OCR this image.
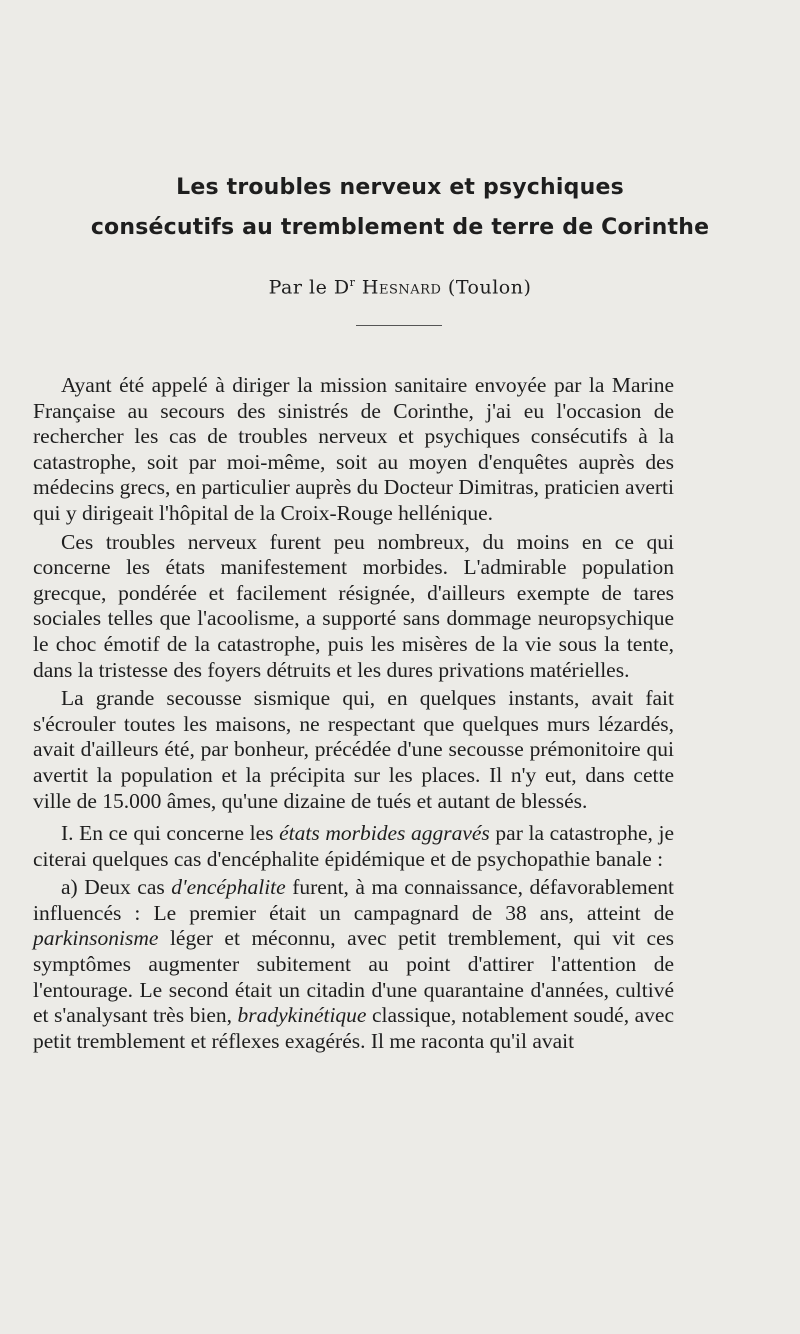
Les troubles nerveux et psychiques
consécutifs au tremblement de terre de Corinthe

Par le $D^r$ Hesnard (Toulon)

Ayant été appelé à diriger la mission sanitaire envoyée par la Marine Française au secours des sinistrés de Corinthe, j'ai eu l'occasion de rechercher les cas de troubles nerveux et psychiques consécutifs à la catastrophe, soit par moi-même, soit au moyen d'enquêtes auprès des médecins grecs, en particulier auprès du Docteur Dimitras, praticien averti qui y dirigeait l'hôpital de la Croix-Rouge hellénique.

Ces troubles nerveux furent peu nombreux, du moins en ce qui concerne les états manifestement morbides. L'admirable population grecque, pondérée et facilement résignée, d'ailleurs exempte de tares sociales telles que l'acoolisme, a supporté sans dommage neuropsychique le choc émotif de la catastrophe, puis les misères de la vie sous la tente, dans la tristesse des foyers détruits et les dures privations matérielles.

La grande secousse sismique qui, en quelques instants, avait fait s'écrouler toutes les maisons, ne respectant que quelques murs lézardés, avait d'ailleurs été, par bonheur, précédée d'une secousse prémonitoire qui avertit la population et la précipita sur les places. Il n'y eut, dans cette ville de 15.000 âmes, qu'une dizaine de tués et autant de blessés.

I. En ce qui concerne les états morbides aggravés par la catastrophe, je citerai quelques cas d'encéphalite épidémique et de psychopathie banale :

a) Deux cas d'encéphalite furent, à ma connaissance, défavorablement influencés : Le premier était un campagnard de 38 ans, atteint de parkinsonisme léger et méconnu, avec petit tremblement, qui vit ces symptômes augmenter subitement au point d'attirer l'attention de l'entourage. Le second était un citadin d'une quarantaine d'années, cultivé et s'analysant très bien, bradykinétique classique, notablement soudé, avec petit tremblement et réflexes exagérés. Il me raconta qu'il avait
